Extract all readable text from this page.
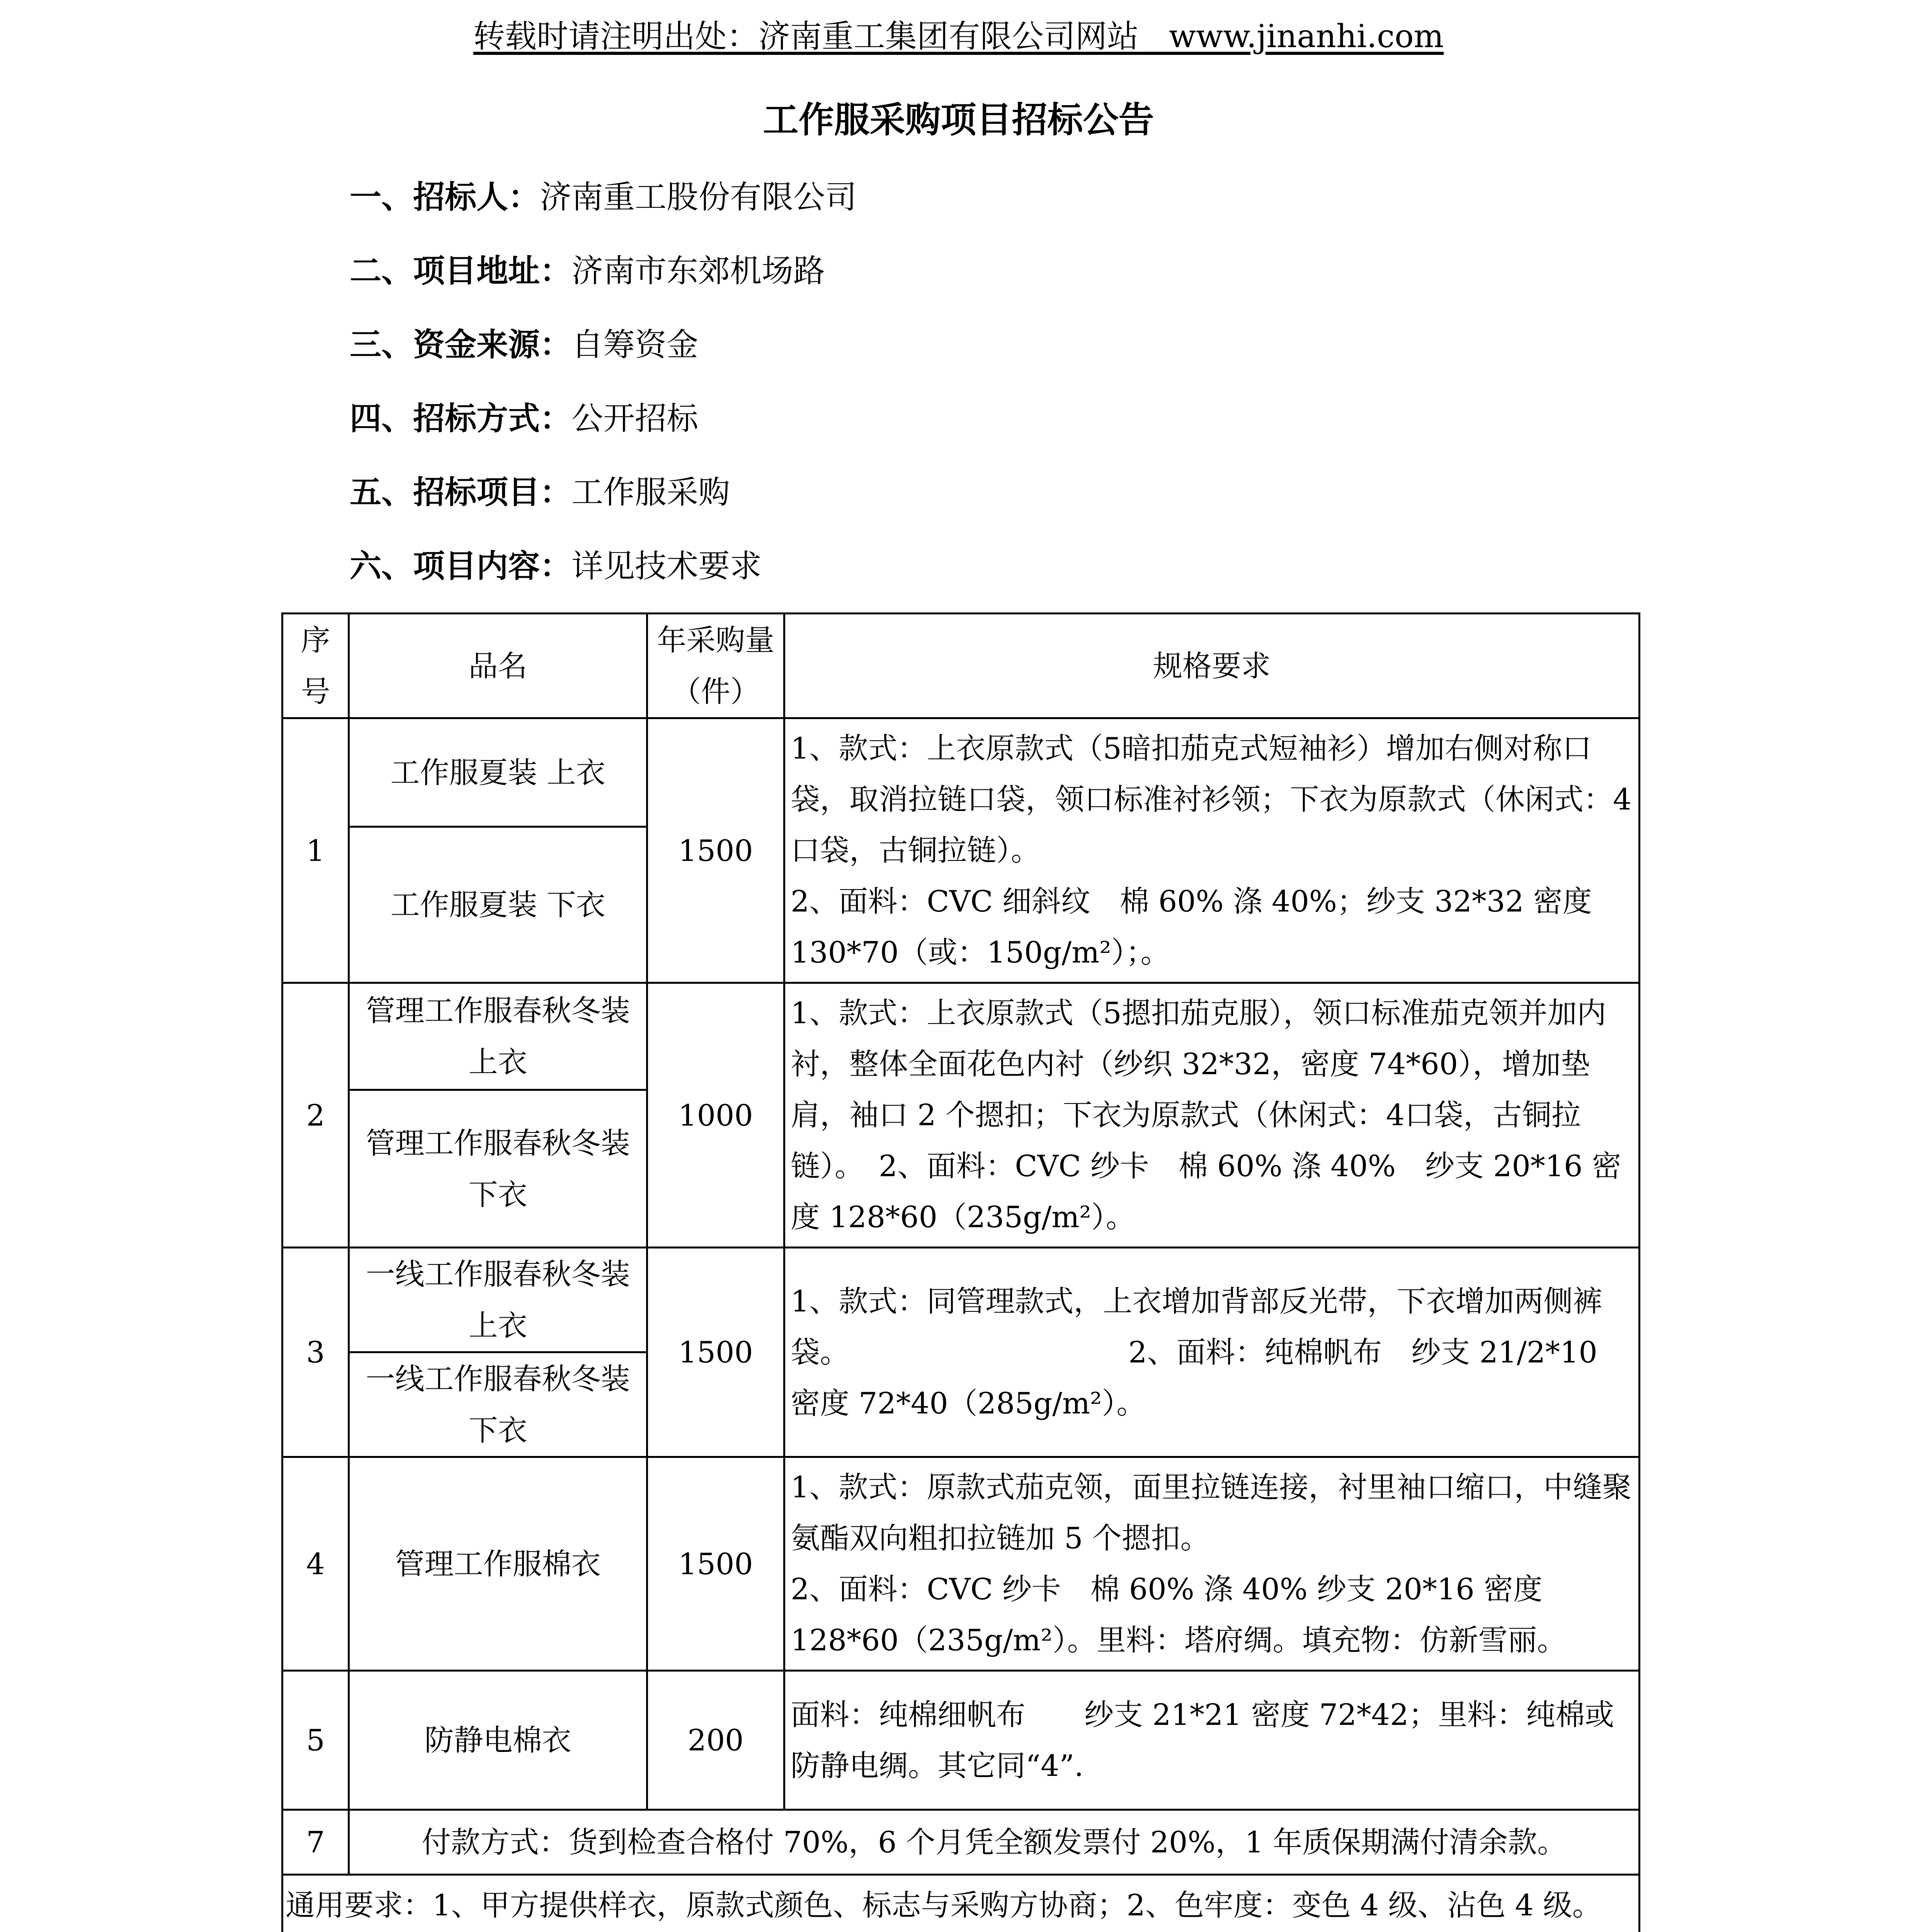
转载时请注明出处：济南重工集团有限公司网站 www.jinanhi.com
工作服采购项目招标公告
一、招标人：济南重工股份有限公司
二、项目地址：济南市东郊机场路
三、资金来源：自筹资金
四、招标方式：公开招标
五、招标项目：工作服采购
六、项目内容：详见技术要求
序号	品名	年采购量（件）	规格要求
1	工作服夏装 上衣	1500	1、款式：上衣原款式（5暗扣茄克式短袖衫）增加右侧对称口袋，取消拉链口袋，领口标准衬衫领；下衣为原款式（休闲式：4口袋，古铜拉链）。
2、面料：CVC 细斜纹　棉 60% 涤 40%；纱支 32*32 密度 130*70（或：150g/m²）；。
	工作服夏装 下衣		
2	管理工作服春秋冬装上衣	1000	1、款式：上衣原款式（5摁扣茄克服），领口标准茄克领并加内衬，整体全面花色内衬（纱织 32*32，密度 74*60），增加垫肩，袖口 2 个摁扣；下衣为原款式（休闲式：4口袋，古铜拉链）。　2、面料：CVC 纱卡　棉 60% 涤 40%　纱支 20*16 密度 128*60（235g/m²）。
	管理工作服春秋冬装下衣		
3	一线工作服春秋冬装上衣	1500	1、款式：同管理款式，上衣增加背部反光带，下衣增加两侧裤袋。　　　　　　　　　　2、面料：纯棉帆布　纱支 21/2*10 密度 72*40（285g/m²）。
	一线工作服春秋冬装下衣		
4	管理工作服棉衣	1500	1、款式：原款式茄克领，面里拉链连接，衬里袖口缩口，中缝聚氨酯双向粗扣拉链加 5 个摁扣。
2、面料：CVC 纱卡　棉 60% 涤 40% 纱支 20*16 密度 128*60（235g/m²）。里料：塔府绸。填充物：仿新雪丽。
5	防静电棉衣	200	面料：纯棉细帆布　　纱支 21*21 密度 72*42；里料：纯棉或防静电绸。其它同“4”.
7	付款方式：货到检查合格付 70%，6 个月凭全额发票付 20%，1 年质保期满付清余款。		
通用要求：1、甲方提供样衣，原款式颜色、标志与采购方协商；2、色牢度：变色 4 级、沾色 4 级。			
